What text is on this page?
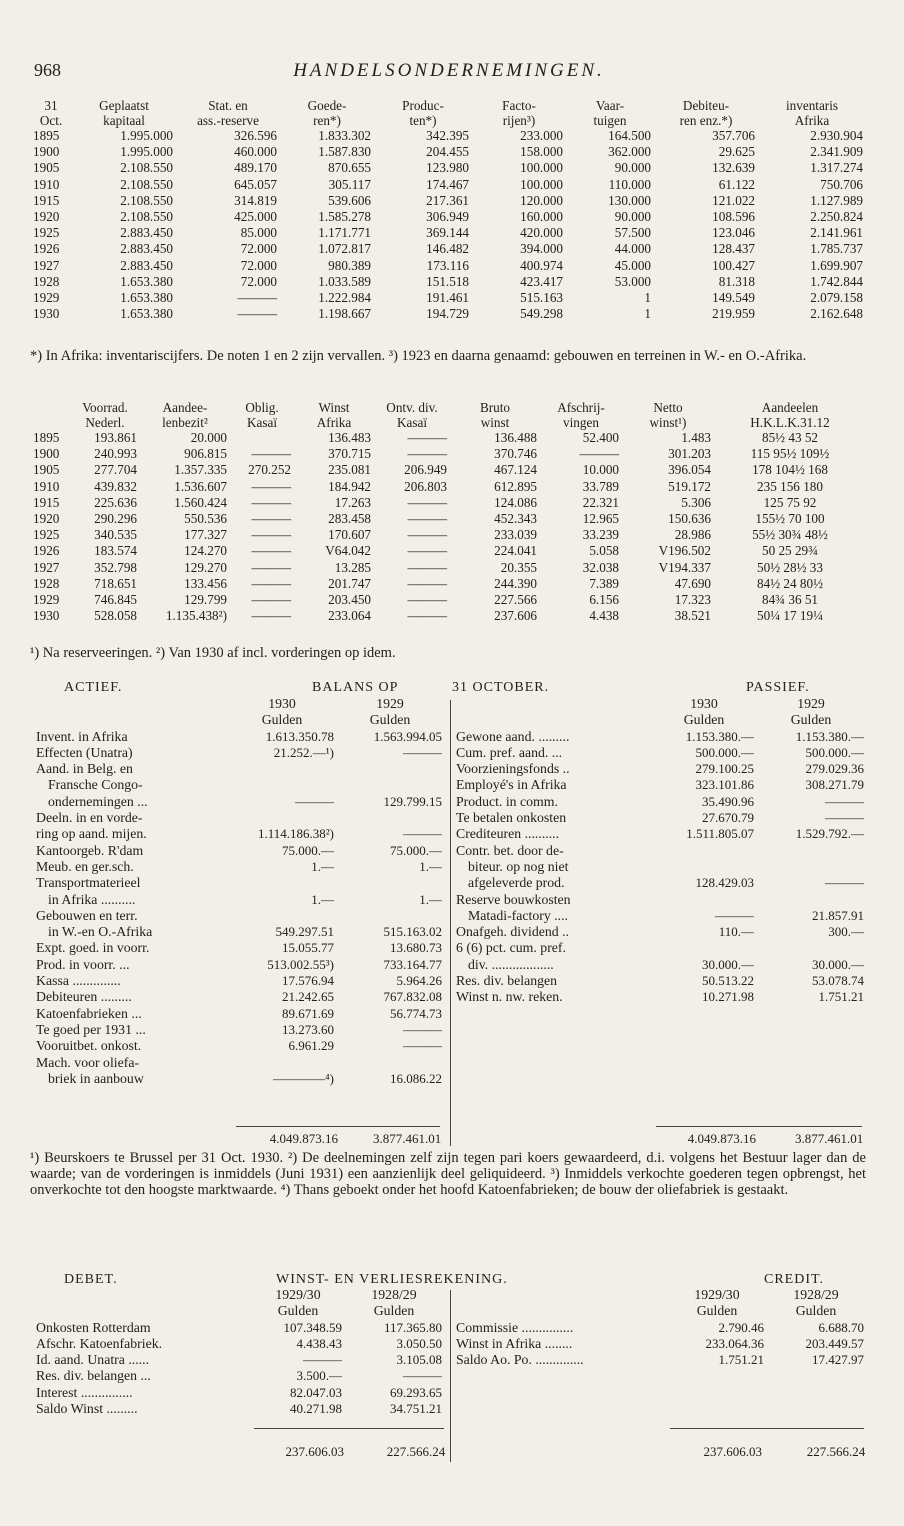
968	HANDELSONDERNEMINGEN.
31	Geplaatst	Stat. en	Goede-	Produc-	Facto-	Vaar-	Debiteu-	inventaris
Oct.	kapitaal	ass.-reserve	ren*)	ten*)	rijen³)	tuigen	ren enz.*)	Afrika
1895	1.995.000	326.596	1.833.302	342.395	233.000	164.500	357.706	2.930.904
1900	1.995.000	460.000	1.587.830	204.455	158.000	362.000	29.625	2.341.909
1905	2.108.550	489.170	870.655	123.980	100.000	90.000	132.639	1.317.274
1910	2.108.550	645.057	305.117	174.467	100.000	110.000	61.122	750.706
1915	2.108.550	314.819	539.606	217.361	120.000	130.000	121.022	1.127.989
1920	2.108.550	425.000	1.585.278	306.949	160.000	90.000	108.596	2.250.824
1925	2.883.450	85.000	1.171.771	369.144	420.000	57.500	123.046	2.141.961
1926	2.883.450	72.000	1.072.817	146.482	394.000	44.000	128.437	1.785.737
1927	2.883.450	72.000	980.389	173.116	400.974	45.000	100.427	1.699.907
1928	1.653.380	72.000	1.033.589	151.518	423.417	53.000	81.318	1.742.844
1929	1.653.380	———	1.222.984	191.461	515.163	1	149.549	2.079.158
1930	1.653.380	———	1.198.667	194.729	549.298	1	219.959	2.162.648
*) In Afrika: inventariscijfers. De noten 1 en 2 zijn vervallen. ³) 1923 en daarna genaamd: gebouwen en terreinen in W.- en O.-Afrika.
	Voorrad.	Aandee-	Oblig.	Winst	Ontv. div.	Bruto	Afschrij-	Netto	Aandeelen
	Nederl.	lenbezit²	Kasaï	Afrika	Kasaï	winst	vingen	winst¹)	H.K.L.K.31.12
1895	193.861	20.000		136.483	———	136.488	52.400	1.483	85½ 43 52
1900	240.993	906.815	———	370.715	———	370.746	———	301.203	115 95½ 109½
1905	277.704	1.357.335	270.252	235.081	206.949	467.124	10.000	396.054	178 104½ 168
1910	439.832	1.536.607	———	184.942	206.803	612.895	33.789	519.172	235 156 180
1915	225.636	1.560.424	———	17.263	———	124.086	22.321	5.306	125 75 92
1920	290.296	550.536	———	283.458	———	452.343	12.965	150.636	155½ 70 100
1925	340.535	177.327	———	170.607	———	233.039	33.239	28.986	55½ 30¾ 48½
1926	183.574	124.270	———	V64.042	———	224.041	5.058	V196.502	50 25 29¾
1927	352.798	129.270	———	13.285	———	20.355	32.038	V194.337	50½ 28½ 33
1928	718.651	133.456	———	201.747	———	244.390	7.389	47.690	84½ 24 80½
1929	746.845	129.799	———	203.450	———	227.566	6.156	17.323	84¾ 36 51
1930	528.058	1.135.438²)	———	233.064	———	237.606	4.438	38.521	50¼ 17 19¼
¹) Na reserveeringen. ²) Van 1930 af incl. vorderingen op idem.
ACTIEF.	BALANS OP	31 OCTOBER.	PASSIEF.
	1930	1929
	Gulden	Gulden
Invent. in Afrika	1.613.350.78	1.563.994.05
Effecten (Unatra)	21.252.—¹)	———
Aand. in Belg. en		
Fransche Congo-		
ondernemingen ...	———	129.799.15
Deeln. in en vorde-		
ring op aand. mijen.	1.114.186.38²)	———
Kantoorgeb. R'dam	75.000.—	75.000.—
Meub. en ger.sch.	1.—	1.—
Transportmaterieel		
in Afrika ..........	1.—	1.—
Gebouwen en terr.		
in W.-en O.-Afrika	549.297.51	515.163.02
Expt. goed. in voorr.	15.055.77	13.680.73
Prod. in voorr. ...	513.002.55³)	733.164.77
Kassa ..............	17.576.94	5.964.26
Debiteuren .........	21.242.65	767.832.08
Katoenfabrieken ...	89.671.69	56.774.73
Te goed per 1931 ...	13.273.60	———
Vooruitbet. onkost.	6.961.29	———
Mach. voor oliefa-		
briek in aanbouw	————⁴)	16.086.22
	1930	1929
	Gulden	Gulden
Gewone aand. .........	1.153.380.—	1.153.380.—
Cum. pref. aand. ...	500.000.—	500.000.—
Voorzieningsfonds ..	279.100.25	279.029.36
Employé's in Afrika	323.101.86	308.271.79
Product. in comm.	35.490.96	———
Te betalen onkosten	27.670.79	———
Crediteuren ..........	1.511.805.07	1.529.792.—
Contr. bet. door de-		
biteur. op nog niet		
afgeleverde prod.	128.429.03	———
Reserve bouwkosten		
Matadi-factory ....	———	21.857.91
Onafgeh. dividend ..	110.—	300.—
6 (6) pct. cum. pref.		
div. ..................	30.000.—	30.000.—
Res. div. belangen	50.513.22	53.078.74
Winst n. nw. reken.	10.271.98	1.751.21
4.049.873.16	3.877.461.01	4.049.873.16	3.877.461.01
¹) Beurskoers te Brussel per 31 Oct. 1930. ²) De deelnemingen zelf zijn tegen pari koers gewaardeerd, d.i. volgens het Bestuur lager dan de waarde; van de vorderingen is inmiddels (Juni 1931) een aanzienlijk deel geliquideerd. ³) Inmiddels verkochte goederen tegen opbrengst, het onverkochte tot den hoogste marktwaarde. ⁴) Thans geboekt onder het hoofd Katoenfabrieken; de bouw der oliefabriek is gestaakt.
DEBET.	WINST- EN VERLIESREKENING.	CREDIT.
	1929/30	1928/29
	Gulden	Gulden
Onkosten Rotterdam	107.348.59	117.365.80
Afschr. Katoenfabriek.	4.438.43	3.050.50
Id. aand. Unatra ......	———	3.105.08
Res. div. belangen ...	3.500.—	———
Interest ...............	82.047.03	69.293.65
Saldo Winst .........	40.271.98	34.751.21
	1929/30	1928/29
	Gulden	Gulden
Commissie ...............	2.790.46	6.688.70
Winst in Afrika ........	233.064.36	203.449.57
Saldo Ao. Po. ..............	1.751.21	17.427.97
237.606.03	227.566.24	237.606.03	227.566.24
